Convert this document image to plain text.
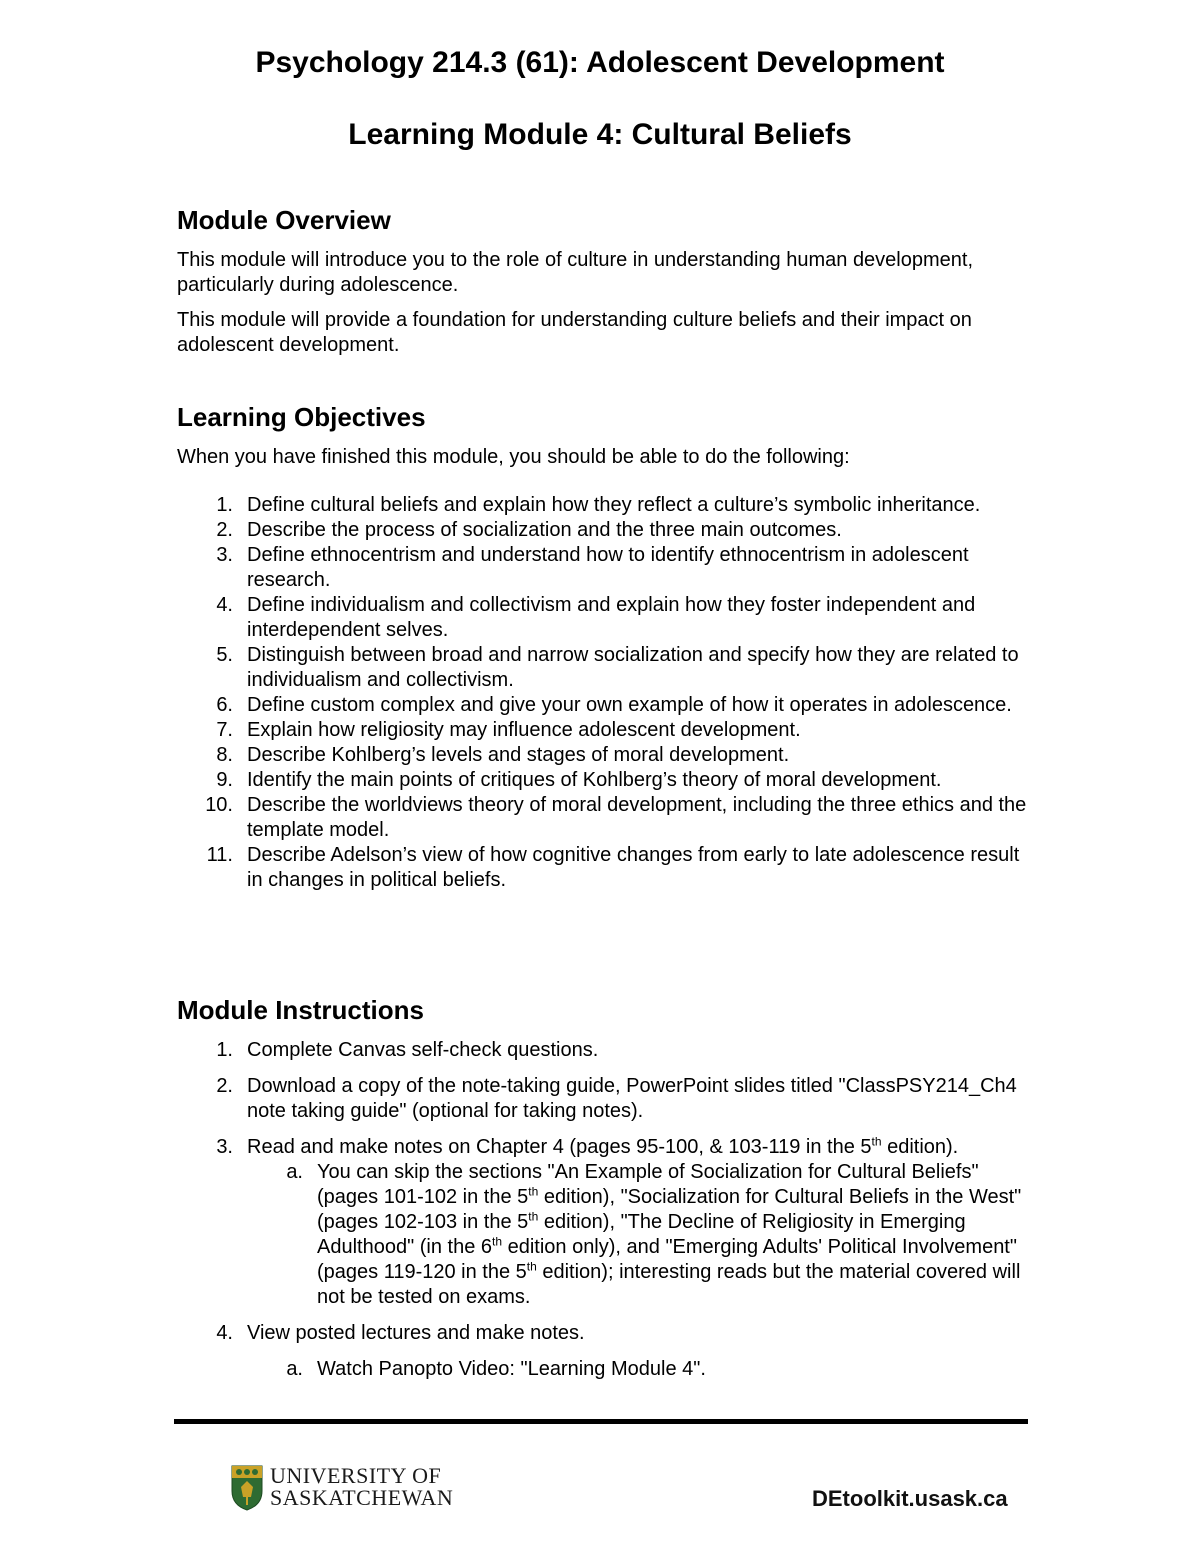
Psychology 214.3 (61): Adolescent Development
Learning Module 4: Cultural Beliefs
Module Overview

This module will introduce you to the role of culture in understanding human development, particularly during adolescence.

This module will provide a foundation for understanding culture beliefs and their impact on adolescent development.

Learning Objectives

When you have finished this module, you should be able to do the following:

1. Define cultural beliefs and explain how they reflect a culture’s symbolic inheritance.
2. Describe the process of socialization and the three main outcomes.
3. Define ethnocentrism and understand how to identify ethnocentrism in adolescent research.
4. Define individualism and collectivism and explain how they foster independent and interdependent selves.
5. Distinguish between broad and narrow socialization and specify how they are related to individualism and collectivism.
6. Define custom complex and give your own example of how it operates in adolescence.
7. Explain how religiosity may influence adolescent development.
8. Describe Kohlberg’s levels and stages of moral development.
9. Identify the main points of critiques of Kohlberg’s theory of moral development.
10. Describe the worldviews theory of moral development, including the three ethics and the template model.
11. Describe Adelson’s view of how cognitive changes from early to late adolescence result in changes in political beliefs.
Module Instructions
1. Complete Canvas self-check questions.
2. Download a copy of the note-taking guide, PowerPoint slides titled "ClassPSY214_Ch4 note taking guide" (optional for taking notes).
3. Read and make notes on Chapter 4 (pages 95-100, & 103-119 in the 5th edition).
a. You can skip the sections "An Example of Socialization for Cultural Beliefs" (pages 101-102 in the 5th edition), "Socialization for Cultural Beliefs in the West" (pages 102-103 in the 5th edition), "The Decline of Religiosity in Emerging Adulthood" (in the 6th edition only), and "Emerging Adults' Political Involvement" (pages 119-120 in the 5th edition); interesting reads but the material covered will not be tested on exams.
4. View posted lectures and make notes.
a. Watch Panopto Video: "Learning Module 4".
UNIVERSITY OF
SASKATCHEWAN	DEtoolkit.usask.ca
